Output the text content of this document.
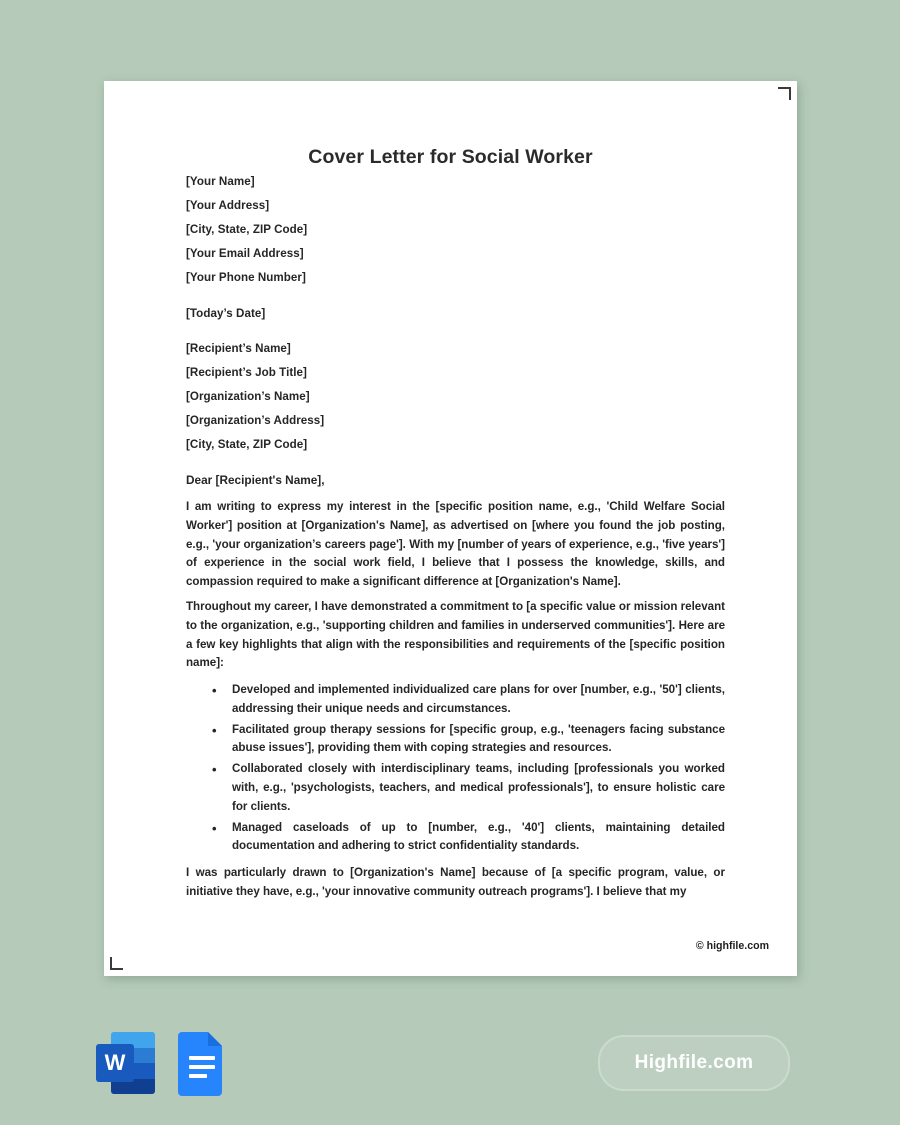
Cover Letter for Social Worker

[Your Name]

[Your Address]

[City, State, ZIP Code]

[Your Email Address]

[Your Phone Number]

[Today’s Date]

[Recipient’s Name]

[Recipient’s Job Title]

[Organization’s Name]

[Organization’s Address]

[City, State, ZIP Code]

Dear [Recipient's Name],

I am writing to express my interest in the [specific position name, e.g., 'Child Welfare Social Worker'] position at [Organization's Name], as advertised on [where you found the job posting, e.g., 'your organization’s careers page']. With my [number of years of experience, e.g., 'five years'] of experience in the social work field, I believe that I possess the knowledge, skills, and compassion required to make a significant difference at [Organization's Name].

Throughout my career, I have demonstrated a commitment to [a specific value or mission relevant to the organization, e.g., 'supporting children and families in underserved communities']. Here are a few key highlights that align with the responsibilities and requirements of the [specific position name]:

• Developed and implemented individualized care plans for over [number, e.g., '50'] clients, addressing their unique needs and circumstances.
• Facilitated group therapy sessions for [specific group, e.g., 'teenagers facing substance abuse issues'], providing them with coping strategies and resources.
• Collaborated closely with interdisciplinary teams, including [professionals you worked with, e.g., 'psychologists, teachers, and medical professionals'], to ensure holistic care for clients.
• Managed caseloads of up to [number, e.g., '40'] clients, maintaining detailed documentation and adhering to strict confidentiality standards.

I was particularly drawn to [Organization's Name] because of [a specific program, value, or initiative they have, e.g., 'your innovative community outreach programs']. I believe that my

© highfile.com
W	Highfile.com
